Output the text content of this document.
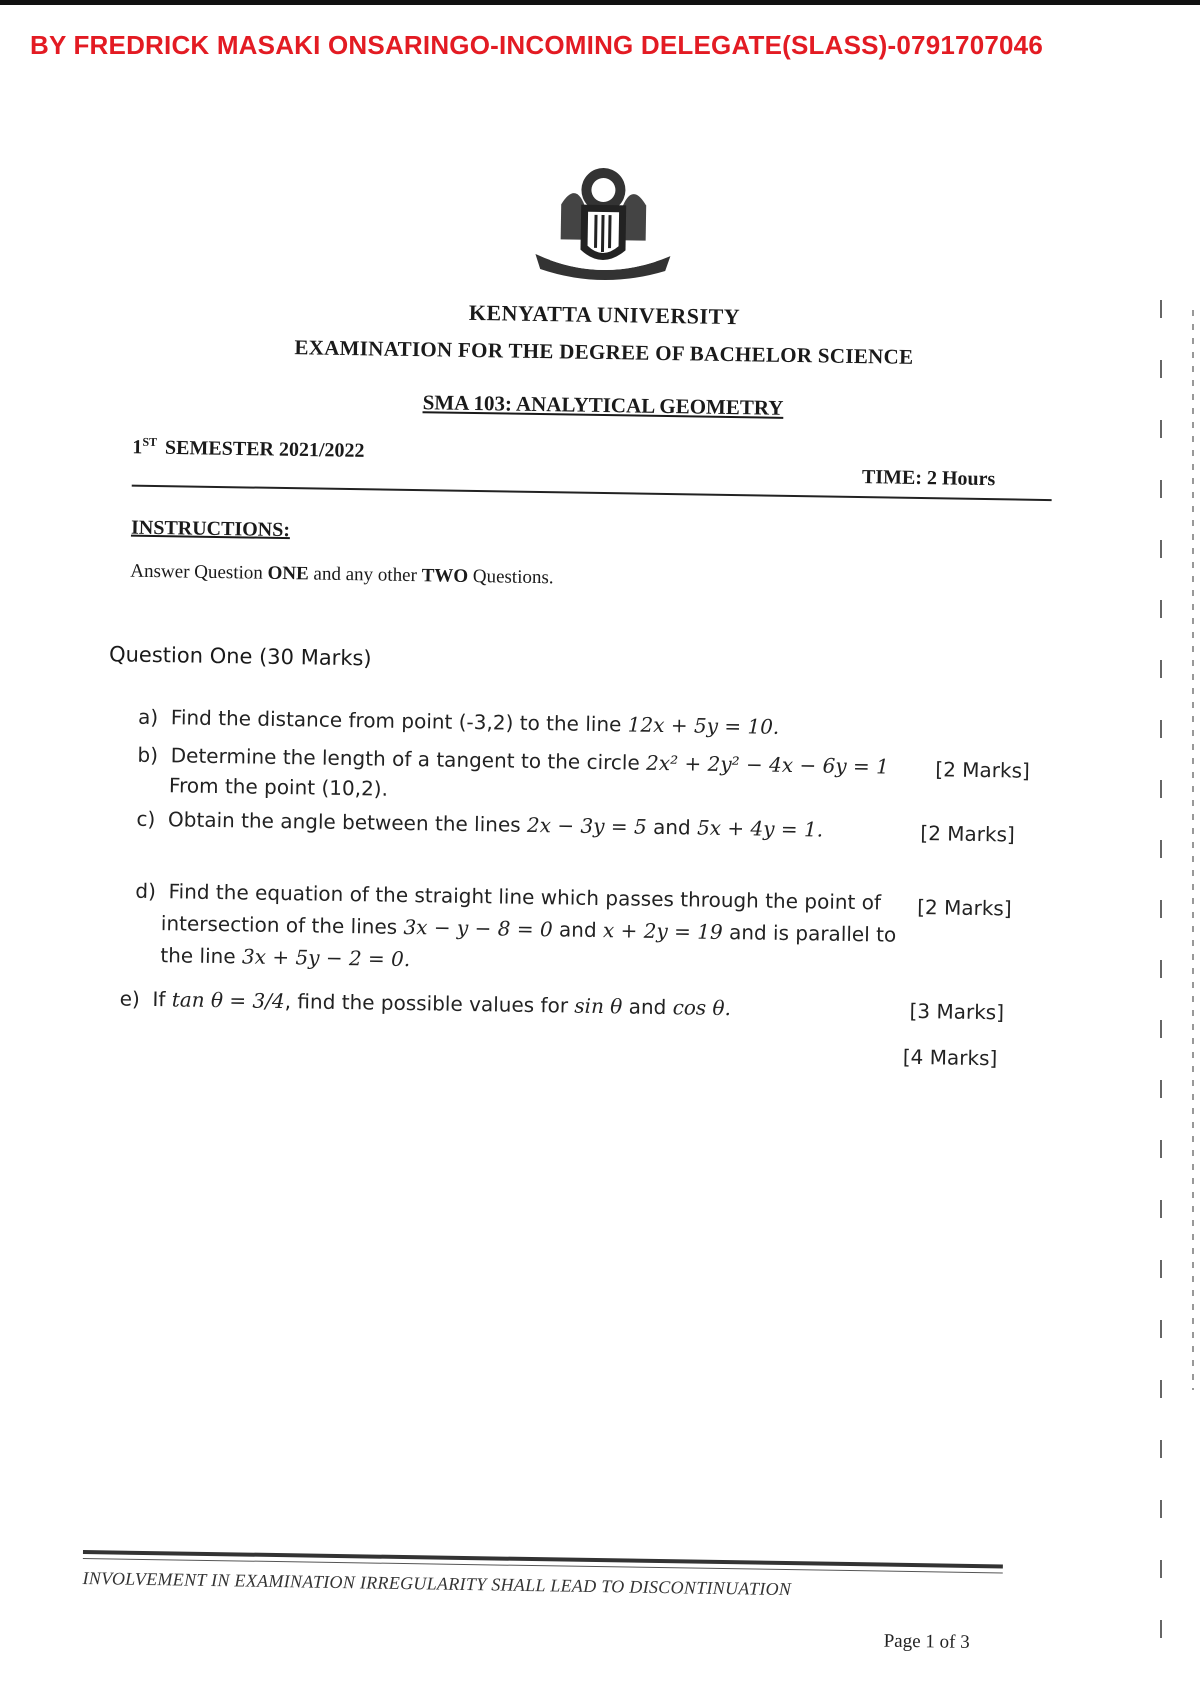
BY FREDRICK MASAKI ONSARINGO-INCOMING DELEGATE(SLASS)-0791707046
KENYATTA UNIVERSITY
EXAMINATION FOR THE DEGREE OF BACHELOR SCIENCE
SMA 103: ANALYTICAL GEOMETRY
1ST SEMESTER 2021/2022
TIME: 2 Hours
INSTRUCTIONS:
Answer Question ONE and any other TWO Questions.
Question One (30 Marks)
a) Find the distance from point (-3,2) to the line 12x + 5y = 10.
[2 Marks]
b) Determine the length of a tangent to the circle 2x² + 2y² − 4x − 6y = 1
From the point (10,2).
[2 Marks]
c) Obtain the angle between the lines 2x − 3y = 5 and 5x + 4y = 1.
[2 Marks]
d) Find the equation of the straight line which passes through the point of
intersection of the lines 3x − y − 8 = 0 and x + 2y = 19 and is parallel to
the line 3x + 5y − 2 = 0.
[3 Marks]
e) If tan θ = 3/4, find the possible values for sin θ and cos θ.
[4 Marks]
INVOLVEMENT IN EXAMINATION IRREGULARITY SHALL LEAD TO DISCONTINUATION
Page 1 of 3
